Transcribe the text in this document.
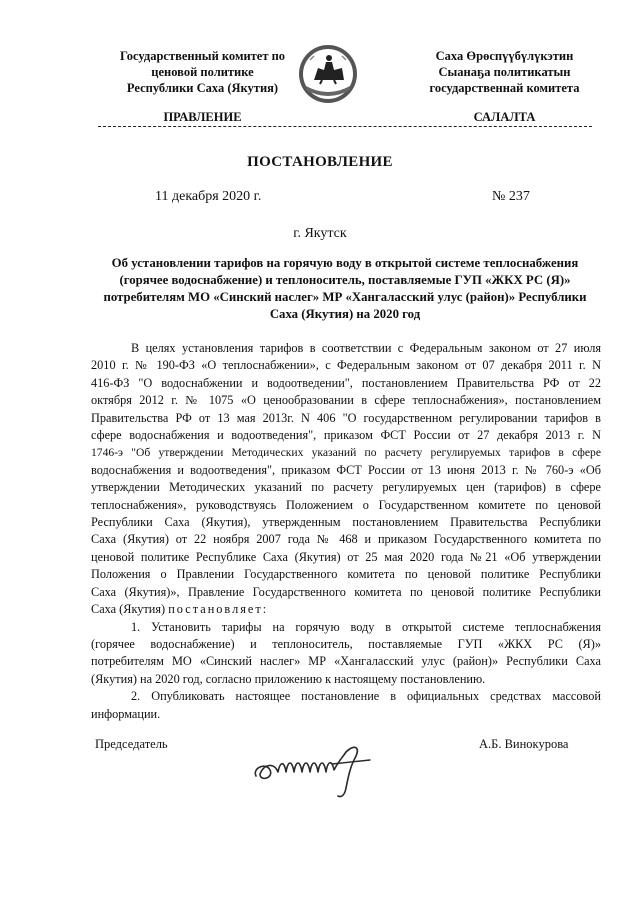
Государственный комитет по
ценовой политике
Республики Саха (Якутия)
Саха Өрөспүүбүлүкэтин
Сыанаҕа политикатын
государственнай комитета
ПРАВЛЕНИЕ	САЛАЛТА
ПОСТАНОВЛЕНИЕ
11 декабря 2020 г.	№ 237
г. Якутск
Об установлении тарифов на горячую воду в открытой системе теплоснабжения
(горячее водоснабжение) и теплоноситель, поставляемые ГУП «ЖКХ РС (Я)»
потребителям МО «Синский наслег» МР «Хангаласский улус (район)» Республики
Саха (Якутия) на 2020 год
В целях установления тарифов в соответствии с Федеральным законом от 27 июля
2010 г. № 190-ФЗ «О теплоснабжении», с Федеральным законом от 07 декабря 2011 г. N
416-ФЗ "О водоснабжении и водоотведении", постановлением Правительства РФ от 22
октября 2012 г. № 1075 «О ценообразовании в сфере теплоснабжения», постановлением
Правительства РФ от 13 мая 2013г. N 406 "О государственном регулировании тарифов в
сфере водоснабжения и водоотведения", приказом ФСТ России от 27 декабря 2013 г. N
1746-э "Об утверждении Методических указаний по расчету регулируемых тарифов в сфере
водоснабжения и водоотведения", приказом ФСТ России от 13 июня 2013 г. № 760-э «Об
утверждении Методических указаний по расчету регулируемых цен (тарифов) в сфере
теплоснабжения», руководствуясь Положением о Государственном комитете по ценовой
Республики Саха (Якутия), утвержденным постановлением Правительства Республики
Саха (Якутия) от 22 ноября 2007 года № 468 и приказом Государственного комитета по
ценовой политике Республике Саха (Якутия) от 25 мая 2020 года №21 «Об утверждении
Положения о Правлении Государственного комитета по ценовой политике Республики
Саха (Якутия)», Правление Государственного комитета по ценовой политике Республики
Саха (Якутия) постановляет:
1. Установить тарифы на горячую воду в открытой системе теплоснабжения
(горячее водоснабжение) и теплоноситель, поставляемые ГУП «ЖКХ РС (Я)»
потребителям МО «Синский наслег» МР «Хангаласский улус (район)» Республики Саха
(Якутия) на 2020 год, согласно приложению к настоящему постановлению.
2. Опубликовать настоящее постановление в официальных средствах массовой
информации.
Председатель	А.Б. Винокурова
